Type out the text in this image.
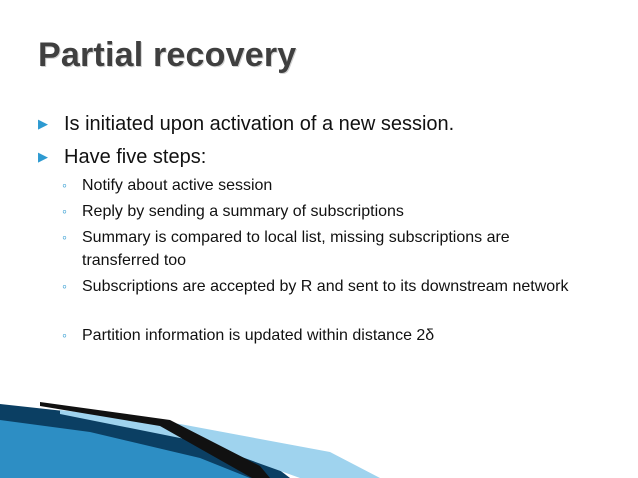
Partial recovery
▶ Is initiated upon activation of a new session.
▶ Have five steps:
◦ Notify about active session
◦ Reply by sending a summary of subscriptions
◦ Summary is compared to local list, missing subscriptions are transferred too
◦ Subscriptions are accepted by R and sent to its downstream network
◦ Partition information is updated within distance 2δ
